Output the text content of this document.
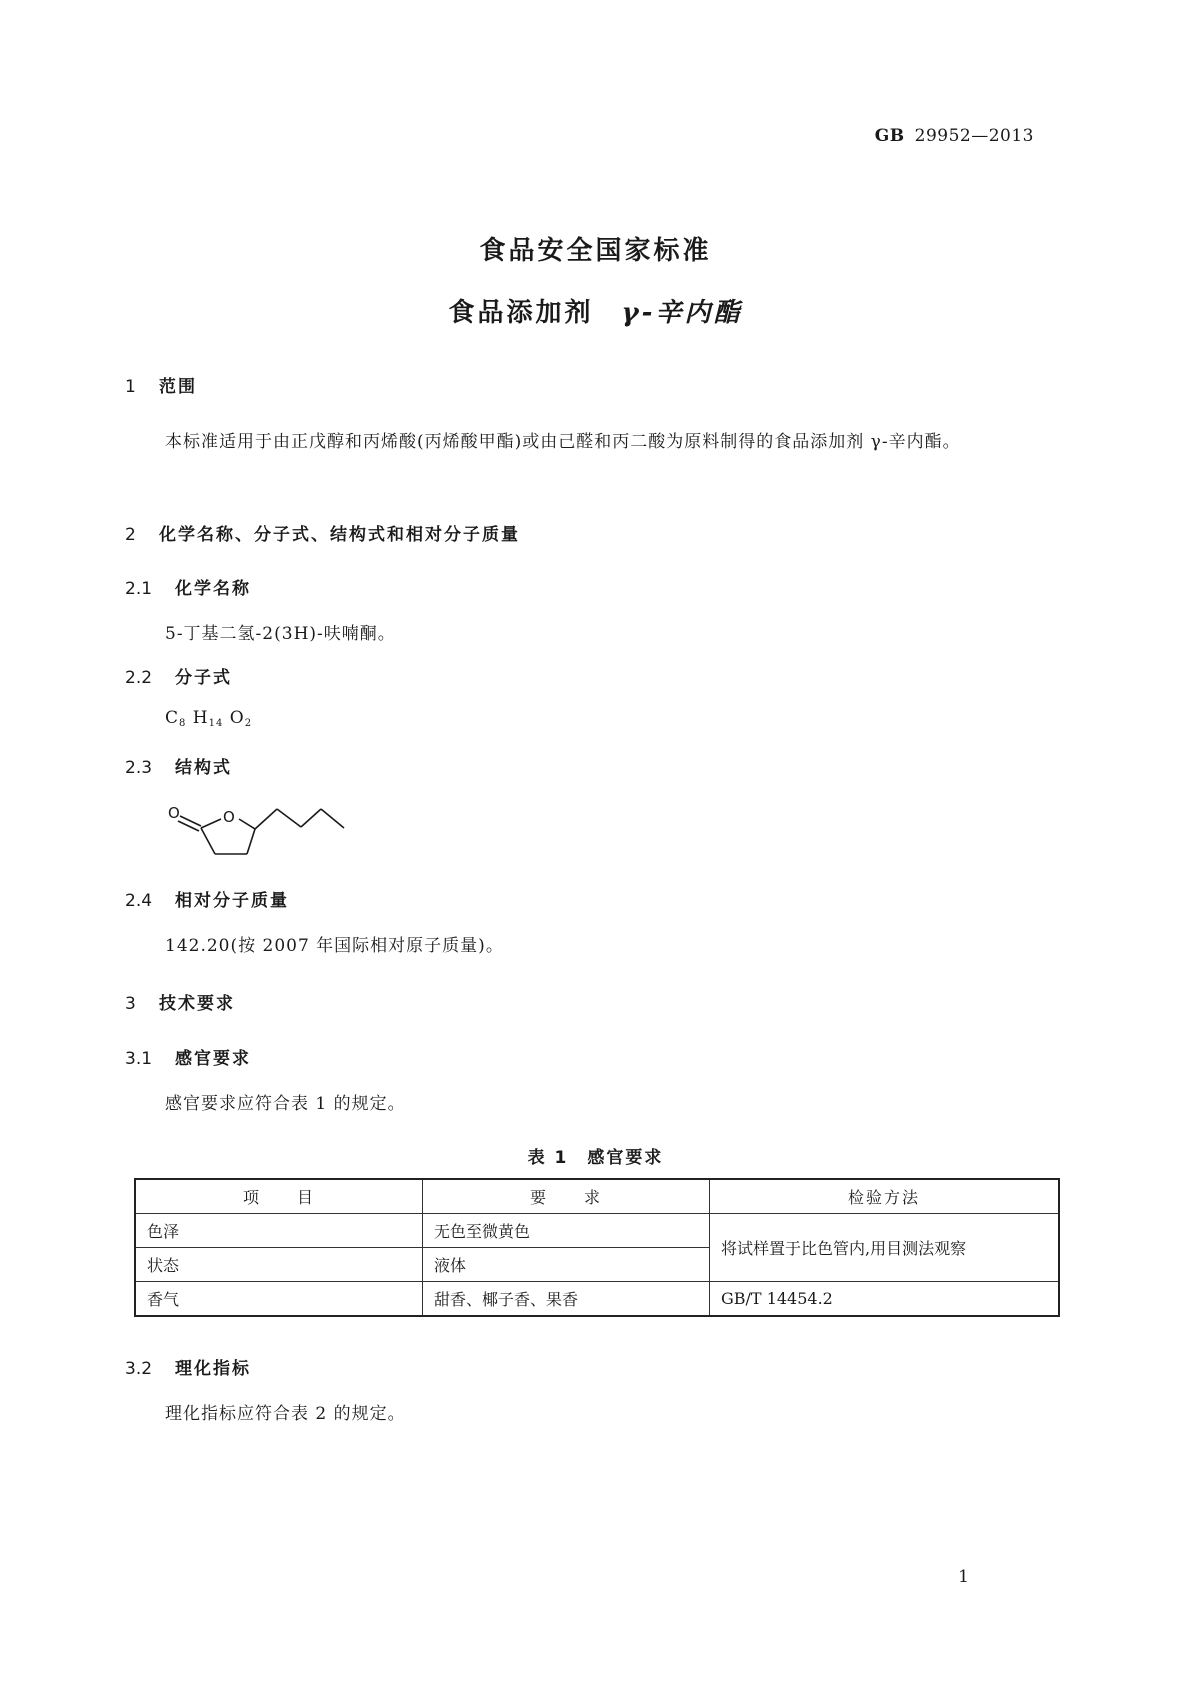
GB 29952—2013
食品安全国家标准
食品添加剂 γ-辛内酯
1 范围
本标准适用于由正戊醇和丙烯酸(丙烯酸甲酯)或由己醛和丙二酸为原料制得的食品添加剂 γ-辛内酯。
2 化学名称、分子式、结构式和相对分子质量
2.1 化学名称
5-丁基二氢-2(3H)-呋喃酮。
2.2 分子式
$C_8$ $H_{14}$ $O_2$
2.3 结构式
O	O
2.4 相对分子质量
142.20(按 2007 年国际相对原子质量)。
3 技术要求
3.1 感官要求
感官要求应符合表 1 的规定。
表 1　感官要求
项　　目	要　　求	检验方法
色泽	无色至微黄色	将试样置于比色管内,用目测法观察
状态	液体	
香气	甜香、椰子香、果香	GB/T 14454.2
3.2 理化指标
理化指标应符合表 2 的规定。
1
